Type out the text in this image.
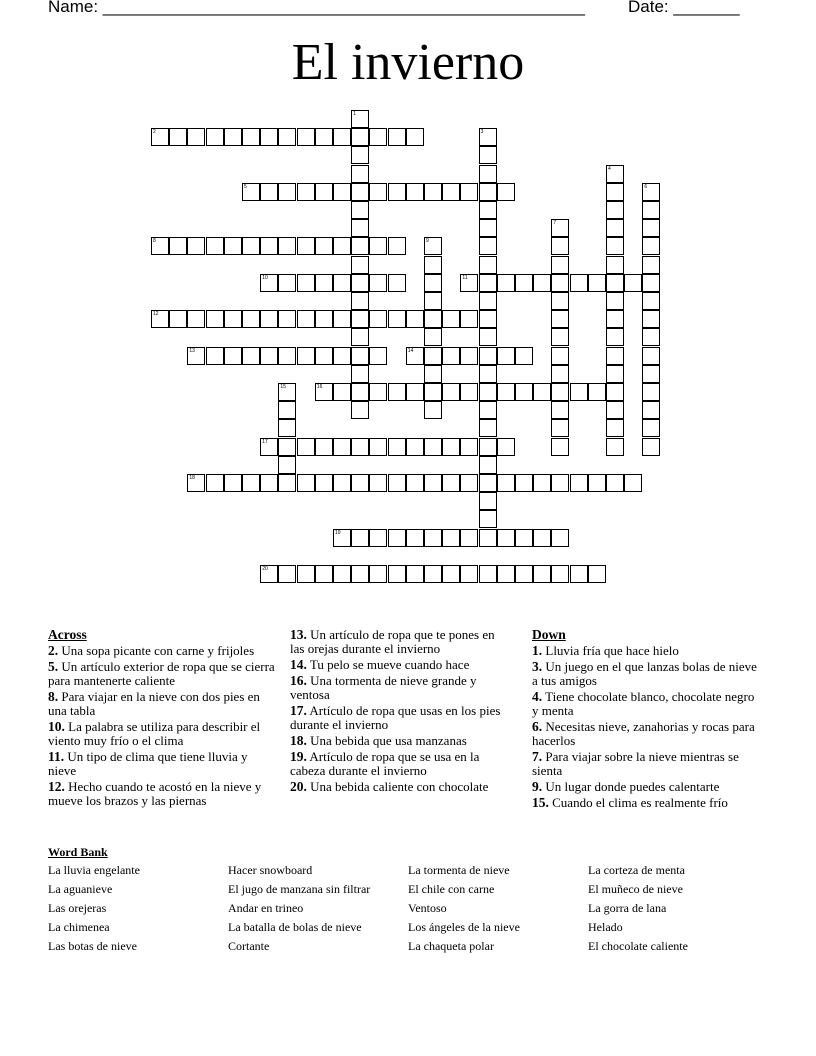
Name: ___________________________________________________	Date: _______
El invierno
1
2	3
4
5	6
7
8	9
10	11
12
13	14
15	16
17
18
19
20
Across
2. Una sopa picante con carne y frijoles
5. Un artículo exterior de ropa que se cierra para mantenerte caliente
8. Para viajar en la nieve con dos pies en una tabla
10. La palabra se utiliza para describir el viento muy frío o el clima
11. Un tipo de clima que tiene lluvia y nieve
12. Hecho cuando te acostó en la nieve y mueve los brazos y las piernas
13. Un artículo de ropa que te pones en las orejas durante el invierno
14. Tu pelo se mueve cuando hace
16. Una tormenta de nieve grande y ventosa
17. Artículo de ropa que usas en los pies durante el invierno
18. Una bebida que usa manzanas
19. Artículo de ropa que se usa en la cabeza durante el invierno
20. Una bebida caliente con chocolate
Down
1. Lluvia fría que hace hielo
3. Un juego en el que lanzas bolas de nieve a tus amigos
4. Tiene chocolate blanco, chocolate negro y menta
6. Necesitas nieve, zanahorias y rocas para hacerlos
7. Para viajar sobre la nieve mientras se sienta
9. Un lugar donde puedes calentarte
15. Cuando el clima es realmente frío
Word Bank
La lluvia engelante
La aguanieve
Las orejeras
La chimenea
Las botas de nieve
Hacer snowboard
El jugo de manzana sin filtrar
Andar en trineo
La batalla de bolas de nieve
Cortante
La tormenta de nieve
El chile con carne
Ventoso
Los ángeles de la nieve
La chaqueta polar
La corteza de menta
El muñeco de nieve
La gorra de lana
Helado
El chocolate caliente
